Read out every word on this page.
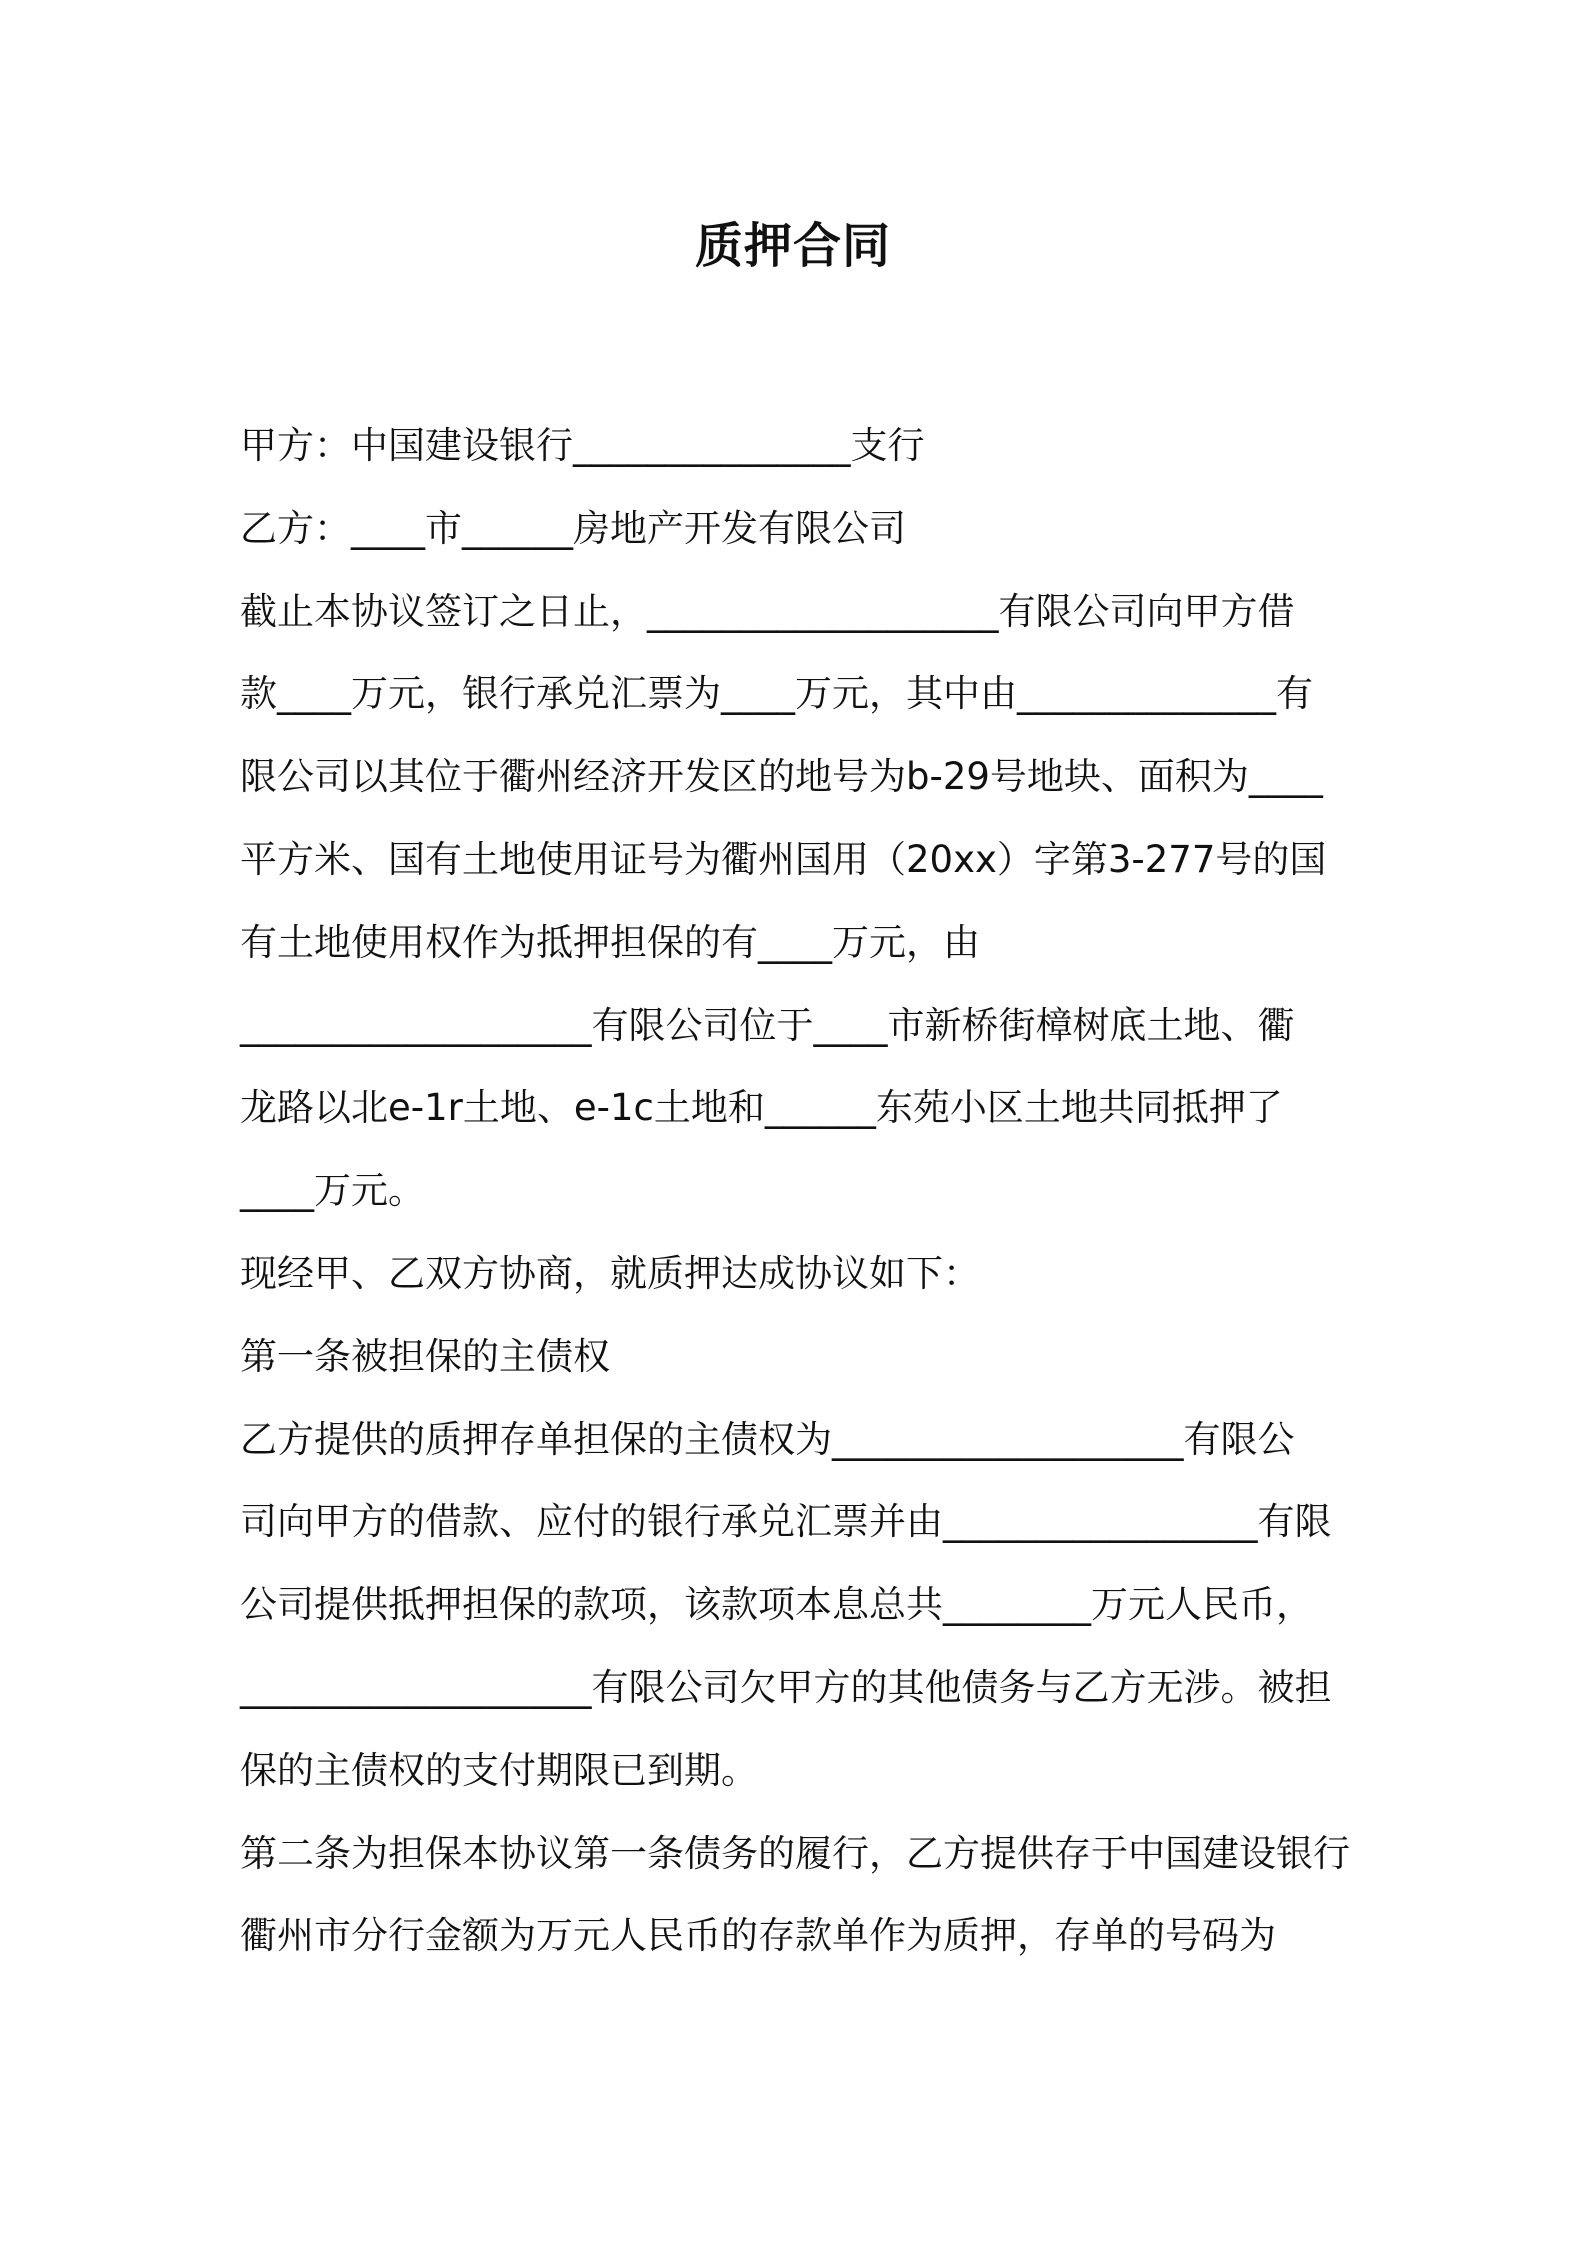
质押合同
甲方：中国建设银行_______________支行
乙方：____市______房地产开发有限公司
截止本协议签订之日止，___________________有限公司向甲方借
款____万元，银行承兑汇票为____万元，其中由______________有
限公司以其位于衢州经济开发区的地号为b-29号地块、面积为____
平方米、国有土地使用证号为衢州国用（20xx）字第3-277号的国
有土地使用权作为抵押担保的有____万元，由
___________________有限公司位于____市新桥街樟树底土地、衢
龙路以北e-1r土地、e-1c土地和______东苑小区土地共同抵押了
____万元。
现经甲、乙双方协商，就质押达成协议如下：
第一条被担保的主债权
乙方提供的质押存单担保的主债权为___________________有限公
司向甲方的借款、应付的银行承兑汇票并由_________________有限
公司提供抵押担保的款项，该款项本息总共________万元人民币，
___________________有限公司欠甲方的其他债务与乙方无涉。被担
保的主债权的支付期限已到期。
第二条为担保本协议第一条债务的履行，乙方提供存于中国建设银行
衢州市分行金额为万元人民币的存款单作为质押，存单的号码为
